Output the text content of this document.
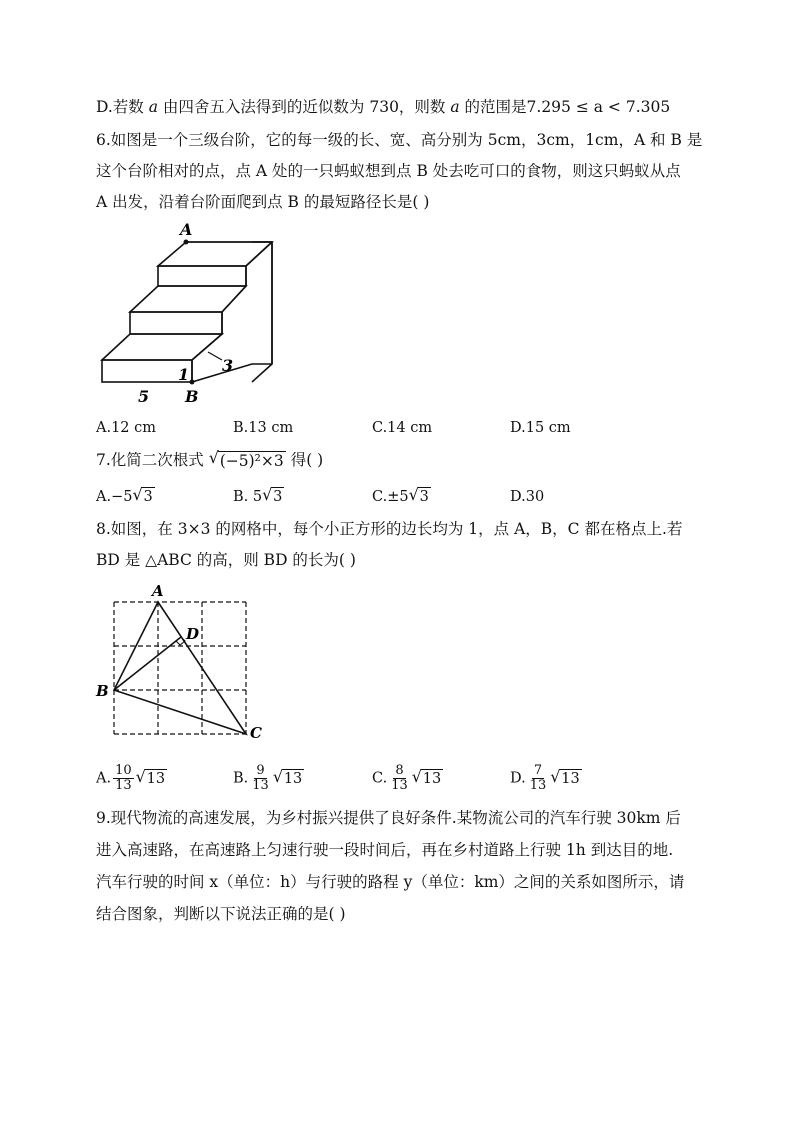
D.若数 a 由四舍五入法得到的近似数为 730，则数 a 的范围是7.295 ≤ a < 7.305
6.如图是一个三级台阶，它的每一级的长、宽、高分别为 5cm，3cm，1cm，A 和 B 是
这个台阶相对的点，点 A 处的一只蚂蚁想到点 B 处去吃可口的食物，则这只蚂蚁从点
A 出发，沿着台阶面爬到点 B 的最短路径长是( )
A
B
5
3
1
A.12 cm	B.13 cm	C.14 cm	D.15 cm
7.化简二次根式 √ (−5)²×3 得( )
A.−5 √ 3	B. 5 √ 3	C.±5 √ 3	D.30
8.如图，在 3×3 的网格中，每个小正方形的边长均为 1，点 A，B，C 都在格点上.若
BD 是 △ABC 的高，则 BD 的长为( )
A
B
C
D
A. $\frac{10}{13}$ √ 13	B. $\frac{9}{13}$ √ 13	C. $\frac{8}{13}$ √ 13	D. $\frac{7}{13}$ √ 13
9.现代物流的高速发展，为乡村振兴提供了良好条件.某物流公司的汽车行驶 30km 后
进入高速路，在高速路上匀速行驶一段时间后，再在乡村道路上行驶 1h 到达目的地.
汽车行驶的时间 x（单位：h）与行驶的路程 y（单位：km）之间的关系如图所示，请
结合图象，判断以下说法正确的是( )
